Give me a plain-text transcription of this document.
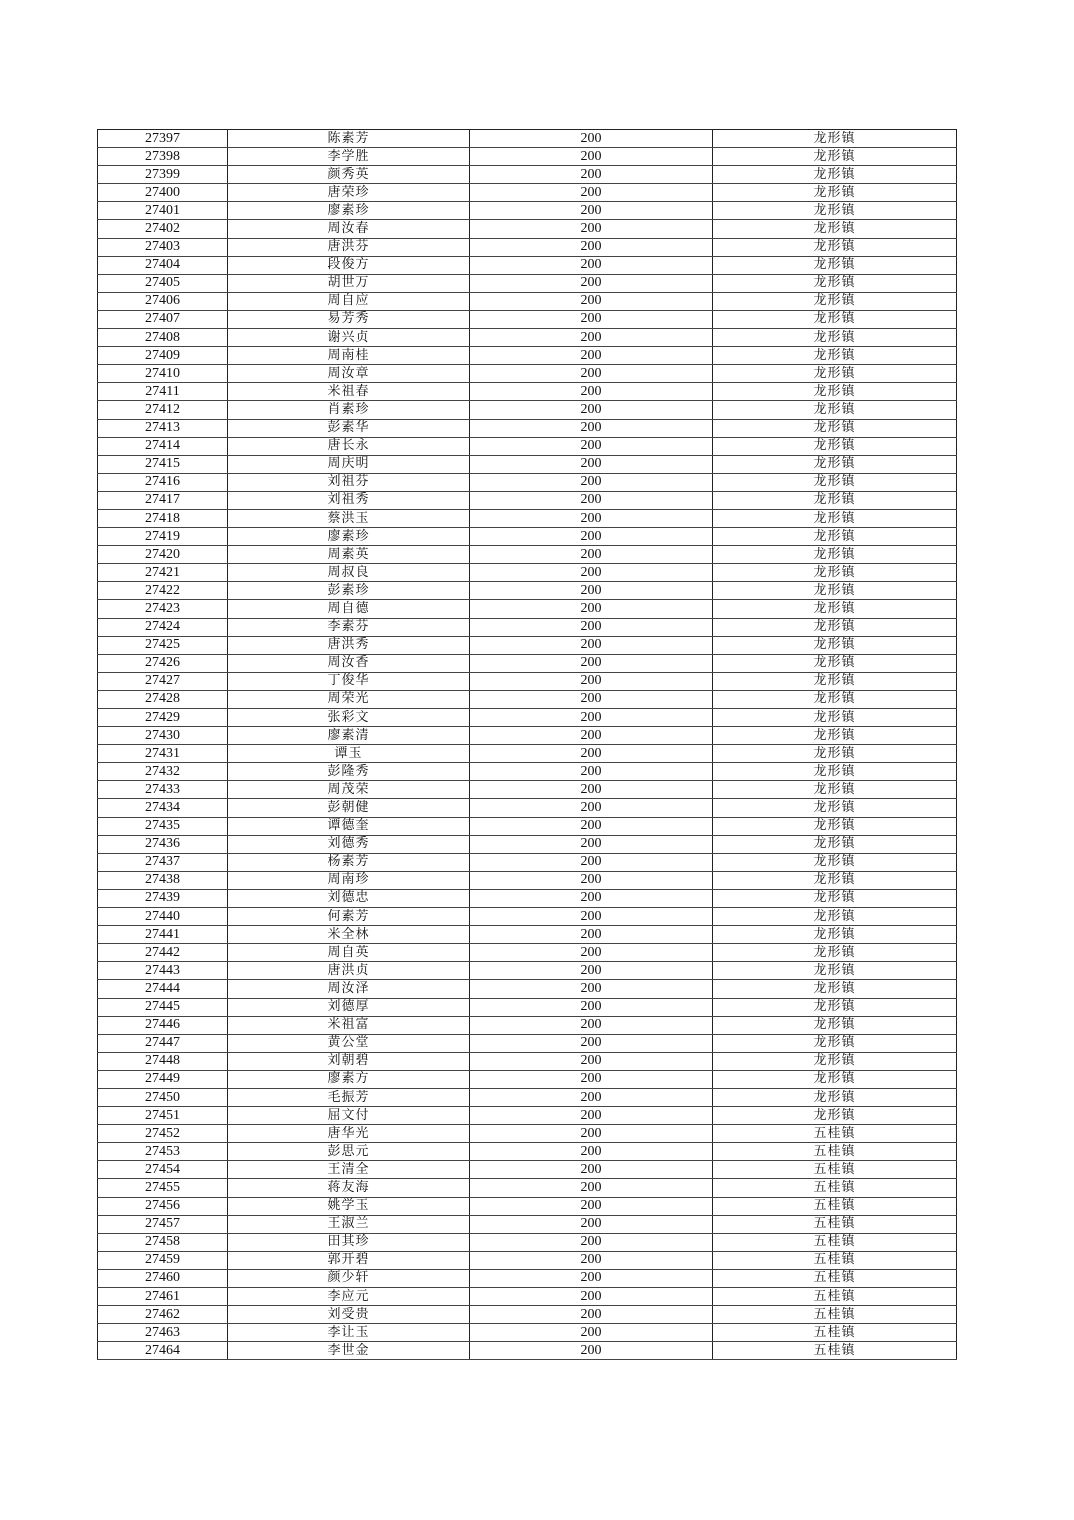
27397	陈素芳	200	龙形镇
27398	李学胜	200	龙形镇
27399	颜秀英	200	龙形镇
27400	唐荣珍	200	龙形镇
27401	廖素珍	200	龙形镇
27402	周汝春	200	龙形镇
27403	唐洪芬	200	龙形镇
27404	段俊方	200	龙形镇
27405	胡世万	200	龙形镇
27406	周自应	200	龙形镇
27407	易芳秀	200	龙形镇
27408	谢兴贞	200	龙形镇
27409	周南桂	200	龙形镇
27410	周汝章	200	龙形镇
27411	米祖春	200	龙形镇
27412	肖素珍	200	龙形镇
27413	彭素华	200	龙形镇
27414	唐长永	200	龙形镇
27415	周庆明	200	龙形镇
27416	刘祖芬	200	龙形镇
27417	刘祖秀	200	龙形镇
27418	蔡洪玉	200	龙形镇
27419	廖素珍	200	龙形镇
27420	周素英	200	龙形镇
27421	周叔良	200	龙形镇
27422	彭素珍	200	龙形镇
27423	周自德	200	龙形镇
27424	李素芬	200	龙形镇
27425	唐洪秀	200	龙形镇
27426	周汝香	200	龙形镇
27427	丁俊华	200	龙形镇
27428	周荣光	200	龙形镇
27429	张彩文	200	龙形镇
27430	廖素清	200	龙形镇
27431	谭玉	200	龙形镇
27432	彭隆秀	200	龙形镇
27433	周茂荣	200	龙形镇
27434	彭朝健	200	龙形镇
27435	谭德奎	200	龙形镇
27436	刘德秀	200	龙形镇
27437	杨素芳	200	龙形镇
27438	周南珍	200	龙形镇
27439	刘德忠	200	龙形镇
27440	何素芳	200	龙形镇
27441	米全林	200	龙形镇
27442	周自英	200	龙形镇
27443	唐洪贞	200	龙形镇
27444	周汝泽	200	龙形镇
27445	刘德厚	200	龙形镇
27446	米祖富	200	龙形镇
27447	黄公堂	200	龙形镇
27448	刘朝碧	200	龙形镇
27449	廖素方	200	龙形镇
27450	毛振芳	200	龙形镇
27451	屈文付	200	龙形镇
27452	唐华光	200	五桂镇
27453	彭思元	200	五桂镇
27454	王清全	200	五桂镇
27455	蒋友海	200	五桂镇
27456	姚学玉	200	五桂镇
27457	王淑兰	200	五桂镇
27458	田其珍	200	五桂镇
27459	郭开碧	200	五桂镇
27460	颜少轩	200	五桂镇
27461	李应元	200	五桂镇
27462	刘受贵	200	五桂镇
27463	李让玉	200	五桂镇
27464	李世金	200	五桂镇
